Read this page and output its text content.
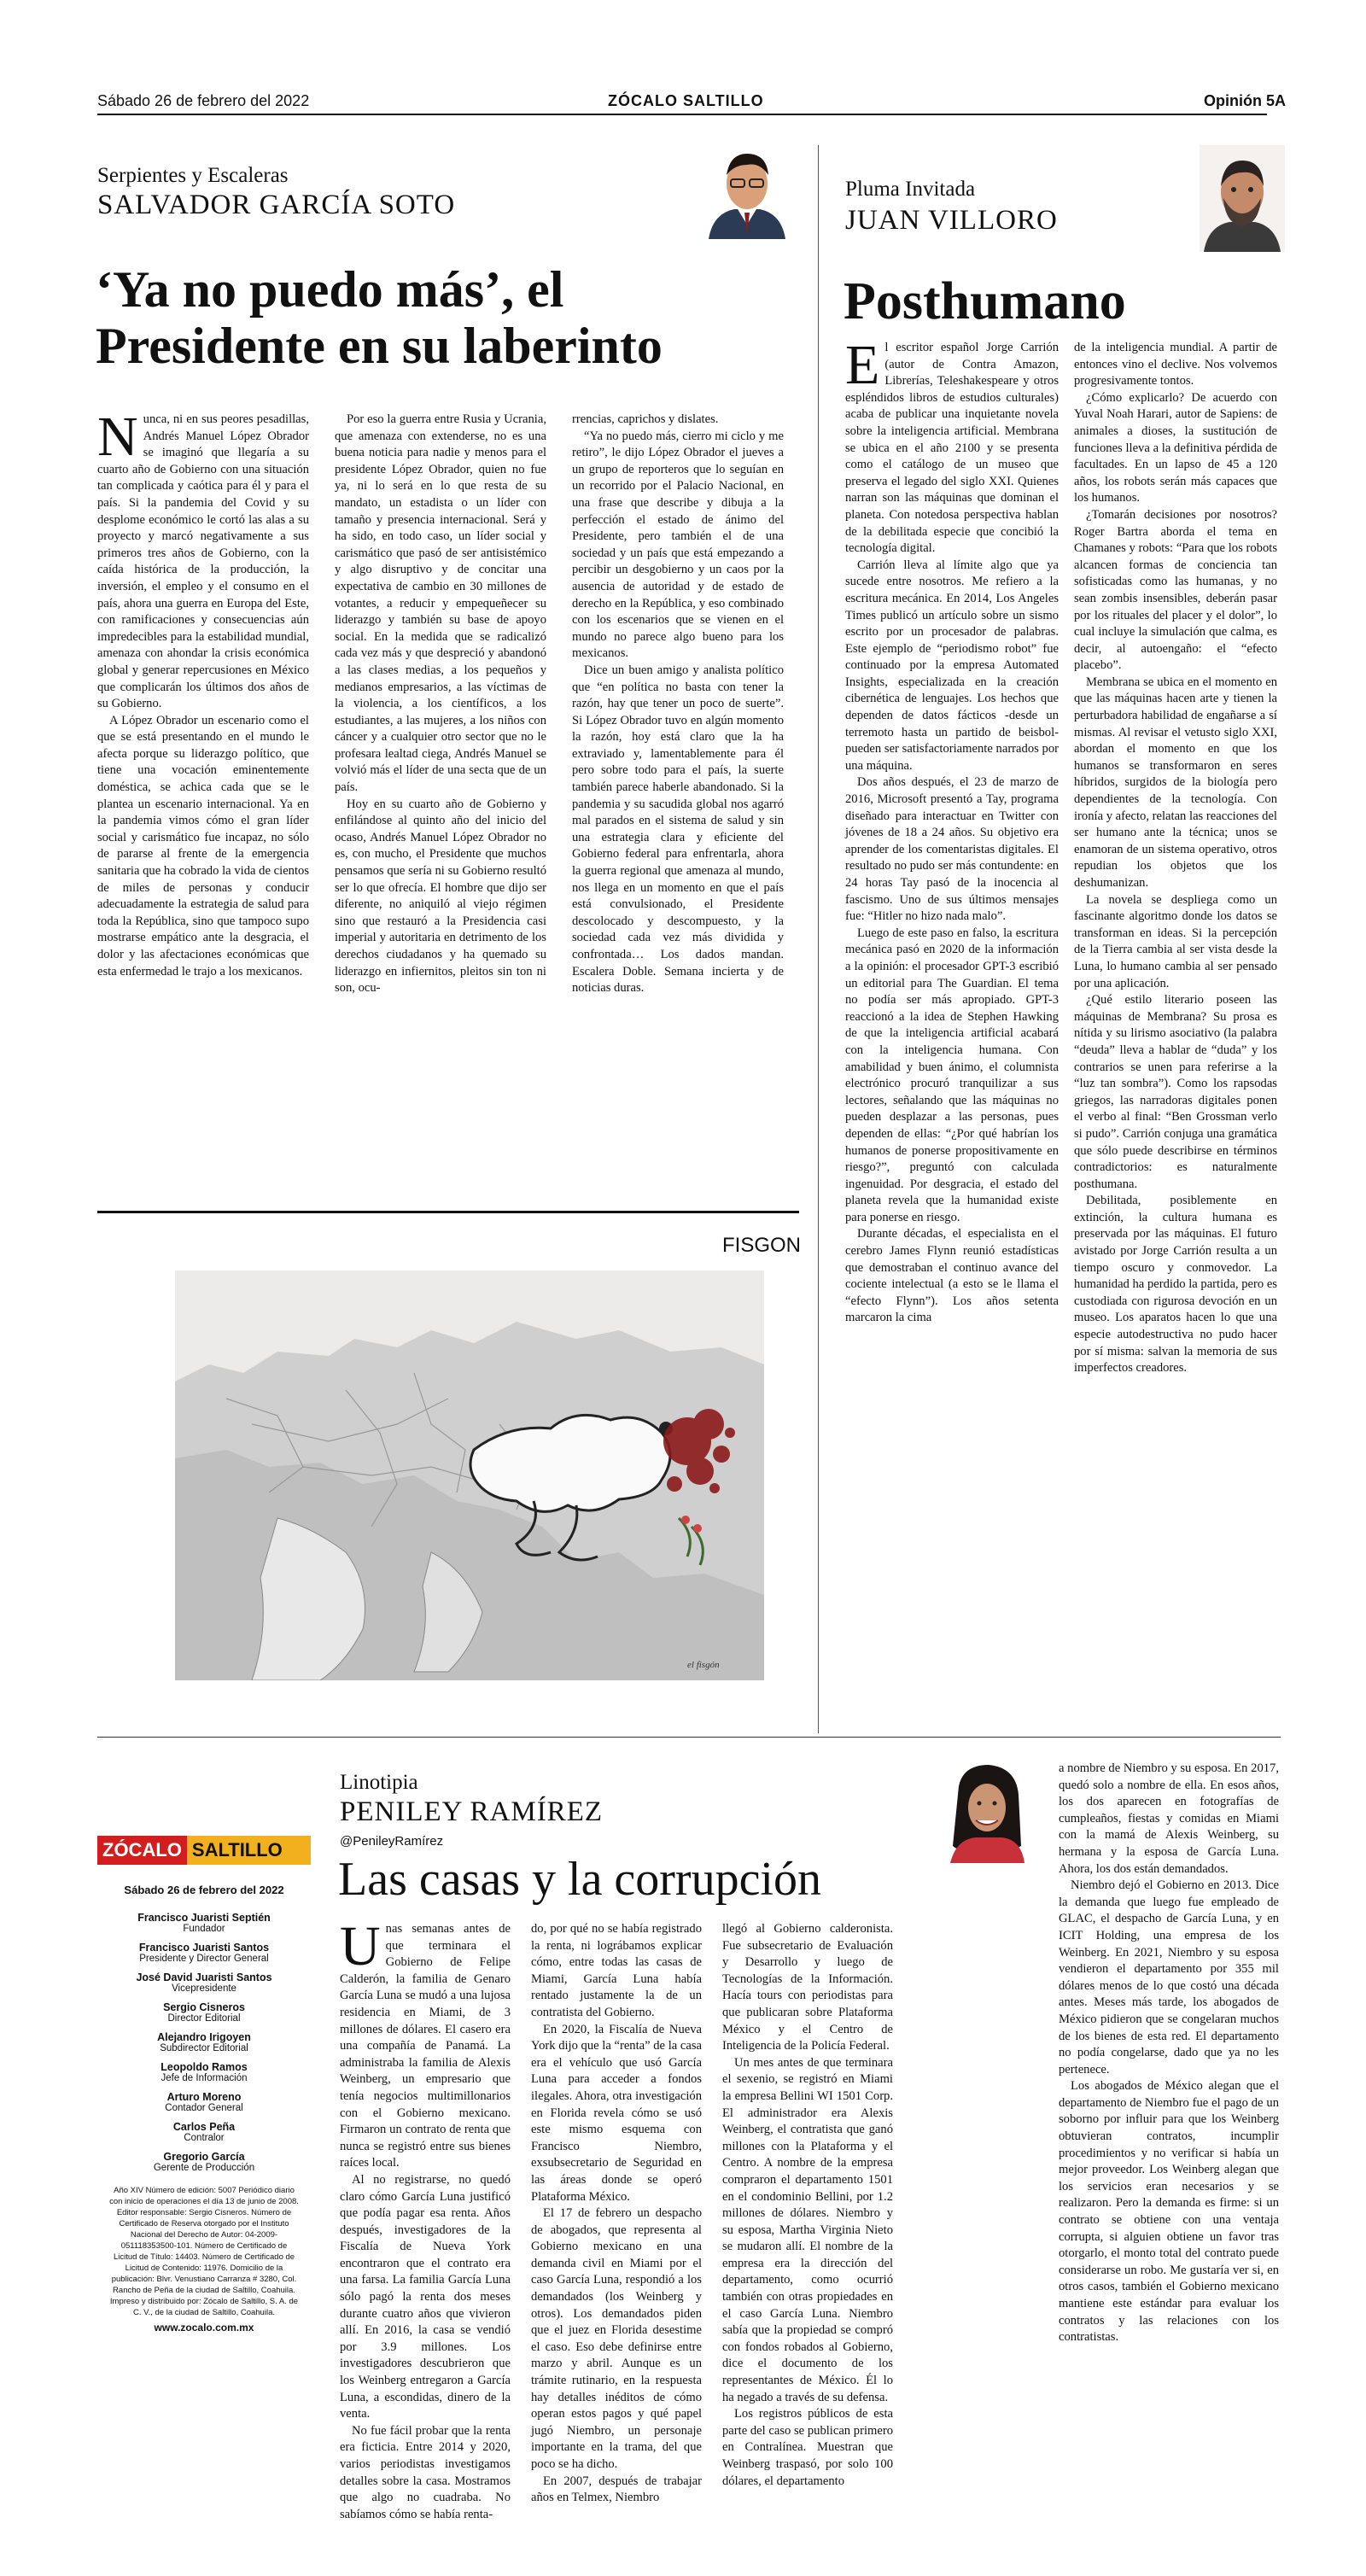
Sábado 26 de febrero del 2022	ZÓCALO SALTILLO	Opinión 5A
Serpientes y Escaleras
SALVADOR GARCÍA SOTO
‘Ya no puedo más’, el
Presidente en su laberinto

Nunca, ni en sus peores pesadillas, Andrés Manuel López Obrador se imaginó que llegaría a su cuarto año de Gobierno con una situación tan complicada y caótica para él y para el país. Si la pandemia del Covid y su desplome económico le cortó las alas a su proyecto y marcó negativamente a sus primeros tres años de Gobierno, con la caída histórica de la producción, la inversión, el empleo y el consumo en el país, ahora una guerra en Europa del Este, con ramificaciones y consecuencias aún impredecibles para la estabilidad mundial, amenaza con ahondar la crisis económica global y generar repercusiones en México que complicarán los últimos dos años de su Gobierno.

A López Obrador un escenario como el que se está presentando en el mundo le afecta porque su liderazgo político, que tiene una vocación eminentemente doméstica, se achica cada que se le plantea un escenario internacional. Ya en la pandemia vimos cómo el gran líder social y carismático fue incapaz, no sólo de pararse al frente de la emergencia sanitaria que ha cobrado la vida de cientos de miles de personas y conducir adecuadamente la estrategia de salud para toda la República, sino que tampoco supo mostrarse empático ante la desgracia, el dolor y las afectaciones económicas que esta enfermedad le trajo a los mexicanos.

Por eso la guerra entre Rusia y Ucrania, que amenaza con extenderse, no es una buena noticia para nadie y menos para el presidente López Obrador, quien no fue ya, ni lo será en lo que resta de su mandato, un estadista o un líder con tamaño y presencia internacional. Será y ha sido, en todo caso, un líder social y carismático que pasó de ser antisistémico y algo disruptivo y de concitar una expectativa de cambio en 30 millones de votantes, a reducir y empequeñecer su liderazgo y también su base de apoyo social. En la medida que se radicalizó cada vez más y que despreció y abandonó a las clases medias, a los pequeños y medianos empresarios, a las víctimas de la violencia, a los científicos, a los estudiantes, a las mujeres, a los niños con cáncer y a cualquier otro sector que no le profesara lealtad ciega, Andrés Manuel se volvió más el líder de una secta que de un país.

Hoy en su cuarto año de Gobierno y enfilándose al quinto año del inicio del ocaso, Andrés Manuel López Obrador no es, con mucho, el Presidente que muchos pensamos que sería ni su Gobierno resultó ser lo que ofrecía. El hombre que dijo ser diferente, no aniquiló al viejo régimen sino que restauró a la Presidencia casi imperial y autoritaria en detrimento de los derechos ciudadanos y ha quemado su liderazgo en infiernitos, pleitos sin ton ni son, ocu-

rrencias, caprichos y dislates.

“Ya no puedo más, cierro mi ciclo y me retiro”, le dijo López Obrador el jueves a un grupo de reporteros que lo seguían en un recorrido por el Palacio Nacional, en una frase que describe y dibuja a la perfección el estado de ánimo del Presidente, pero también el de una sociedad y un país que está empezando a percibir un desgobierno y un caos por la ausencia de autoridad y de estado de derecho en la República, y eso combinado con los escenarios que se vienen en el mundo no parece algo bueno para los mexicanos.

Dice un buen amigo y analista político que “en política no basta con tener la razón, hay que tener un poco de suerte”. Si López Obrador tuvo en algún momento la razón, hoy está claro que la ha extraviado y, lamentablemente para él pero sobre todo para el país, la suerte también parece haberle abandonado. Si la pandemia y su sacudida global nos agarró mal parados en el sistema de salud y sin una estrategia clara y eficiente del Gobierno federal para enfrentarla, ahora la guerra regional que amenaza al mundo, nos llega en un momento en que el país está convulsionado, el Presidente descolocado y descompuesto, y la sociedad cada vez más dividida y confrontada… Los dados mandan. Escalera Doble. Semana incierta y de noticias duras.

FISGON
el fisgón
Pluma Invitada
JUAN VILLORO
Posthumano

El escritor español Jorge Carrión (autor de Contra Amazon, Librerías, Teleshakespeare y otros espléndidos libros de estudios culturales) acaba de publicar una inquietante novela sobre la inteligencia artificial. Membrana se ubica en el año 2100 y se presenta como el catálogo de un museo que preserva el legado del siglo XXI. Quienes narran son las máquinas que dominan el planeta. Con notedosa perspectiva hablan de la debilitada especie que concibió la tecnología digital.

Carrión lleva al límite algo que ya sucede entre nosotros. Me refiero a la escritura mecánica. En 2014, Los Angeles Times publicó un artículo sobre un sismo escrito por un procesador de palabras. Este ejemplo de “periodismo robot” fue continuado por la empresa Automated Insights, especializada en la creación cibernética de lenguajes. Los hechos que dependen de datos fácticos -desde un terremoto hasta un partido de beisbol- pueden ser satisfactoriamente narrados por una máquina.

Dos años después, el 23 de marzo de 2016, Microsoft presentó a Tay, programa diseñado para interactuar en Twitter con jóvenes de 18 a 24 años. Su objetivo era aprender de los comentaristas digitales. El resultado no pudo ser más contundente: en 24 horas Tay pasó de la inocencia al fascismo. Uno de sus últimos mensajes fue: “Hitler no hizo nada malo”.

Luego de este paso en falso, la escritura mecánica pasó en 2020 de la información a la opinión: el procesador GPT-3 escribió un editorial para The Guardian. El tema no podía ser más apropiado. GPT-3 reaccionó a la idea de Stephen Hawking de que la inteligencia artificial acabará con la inteligencia humana. Con amabilidad y buen ánimo, el columnista electrónico procuró tranquilizar a sus lectores, señalando que las máquinas no pueden desplazar a las personas, pues dependen de ellas: “¿Por qué habrían los humanos de ponerse propositivamente en riesgo?”, preguntó con calculada ingenuidad. Por desgracia, el estado del planeta revela que la humanidad existe para ponerse en riesgo.

Durante décadas, el especialista en el cerebro James Flynn reunió estadísticas que demostraban el continuo avance del cociente intelectual (a esto se le llama el “efecto Flynn”). Los años setenta marcaron la cima

de la inteligencia mundial. A partir de entonces vino el declive. Nos volvemos progresivamente tontos.

¿Cómo explicarlo? De acuerdo con Yuval Noah Harari, autor de Sapiens: de animales a dioses, la sustitución de funciones lleva a la definitiva pérdida de facultades. En un lapso de 45 a 120 años, los robots serán más capaces que los humanos.

¿Tomarán decisiones por nosotros? Roger Bartra aborda el tema en Chamanes y robots: “Para que los robots alcancen formas de conciencia tan sofisticadas como las humanas, y no sean zombis insensibles, deberán pasar por los rituales del placer y el dolor”, lo cual incluye la simulación que calma, es decir, al autoengaño: el “efecto placebo”.

Membrana se ubica en el momento en que las máquinas hacen arte y tienen la perturbadora habilidad de engañarse a sí mismas. Al revisar el vetusto siglo XXI, abordan el momento en que los humanos se transformaron en seres híbridos, surgidos de la biología pero dependientes de la tecnología. Con ironía y afecto, relatan las reacciones del ser humano ante la técnica; unos se enamoran de un sistema operativo, otros repudian los objetos que los deshumanizan.

La novela se despliega como un fascinante algoritmo donde los datos se transforman en ideas. Si la percepción de la Tierra cambia al ser vista desde la Luna, lo humano cambia al ser pensado por una aplicación.

¿Qué estilo literario poseen las máquinas de Membrana? Su prosa es nítida y su lirismo asociativo (la palabra “deuda” lleva a hablar de “duda” y los contrarios se unen para referirse a la “luz tan sombra”). Como los rapsodas griegos, las narradoras digitales ponen el verbo al final: “Ben Grossman verlo si pudo”. Carrión conjuga una gramática que sólo puede describirse en términos contradictorios: es naturalmente posthumana.

Debilitada, posiblemente en extinción, la cultura humana es preservada por las máquinas. El futuro avistado por Jorge Carrión resulta a un tiempo oscuro y conmovedor. La humanidad ha perdido la partida, pero es custodiada con rigurosa devoción en un museo. Los aparatos hacen lo que una especie autodestructiva no pudo hacer por sí misma: salvan la memoria de sus imperfectos creadores.

ZÓCALO SALTILLO
Sábado 26 de febrero del 2022
Francisco Juaristi Septién
Fundador
Francisco Juaristi Santos
Presidente y Director General
José David Juaristi Santos
Vicepresidente
Sergio Cisneros
Director Editorial
Alejandro Irigoyen
Subdirector Editorial
Leopoldo Ramos
Jefe de Información
Arturo Moreno
Contador General
Carlos Peña
Contralor
Gregorio García
Gerente de Producción
Año XIV Número de edición: 5007 Periódico diario con inicio de operaciones el día 13 de junio de 2008. Editor responsable: Sergio Cisneros. Número de Certificado de Reserva otorgado por el Instituto Nacional del Derecho de Autor: 04-2009-051118353500-101. Número de Certificado de Licitud de Título: 14403. Número de Certificado de Licitud de Contenido: 11976. Domicilio de la publicación: Blvr. Venustiano Carranza # 3280, Col. Rancho de Peña de la ciudad de Saltillo, Coahuila. Impreso y distribuido por: Zócalo de Saltillo, S. A. de C. V., de la ciudad de Saltillo, Coahuila.
www.zocalo.com.mx
Linotipia
PENILEY RAMÍREZ
@PenileyRamírez
Las casas y la corrupción

Unas semanas antes de que terminara el Gobierno de Felipe Calderón, la familia de Genaro García Luna se mudó a una lujosa residencia en Miami, de 3 millones de dólares. El casero era una compañía de Panamá. La administraba la familia de Alexis Weinberg, un empresario que tenía negocios multimillonarios con el Gobierno mexicano. Firmaron un contrato de renta que nunca se registró entre sus bienes raíces local.

Al no registrarse, no quedó claro cómo García Luna justificó que podía pagar esa renta. Años después, investigadores de la Fiscalía de Nueva York encontraron que el contrato era una farsa. La familia García Luna sólo pagó la renta dos meses durante cuatro años que vivieron allí. En 2016, la casa se vendió por 3.9 millones. Los investigadores descubrieron que los Weinberg entregaron a García Luna, a escondidas, dinero de la venta.

No fue fácil probar que la renta era ficticia. Entre 2014 y 2020, varios periodistas investigamos detalles sobre la casa. Mostramos que algo no cuadraba. No sabíamos cómo se había renta-

do, por qué no se había registrado la renta, ni lográbamos explicar cómo, entre todas las casas de Miami, García Luna había rentado justamente la de un contratista del Gobierno.

En 2020, la Fiscalía de Nueva York dijo que la “renta” de la casa era el vehículo que usó García Luna para acceder a fondos ilegales. Ahora, otra investigación en Florida revela cómo se usó este mismo esquema con Francisco Niembro, exsubsecretario de Seguridad en las áreas donde se operó Plataforma México.

El 17 de febrero un despacho de abogados, que representa al Gobierno mexicano en una demanda civil en Miami por el caso García Luna, respondió a los demandados (los Weinberg y otros). Los demandados piden que el juez en Florida desestime el caso. Eso debe definirse entre marzo y abril. Aunque es un trámite rutinario, en la respuesta hay detalles inéditos de cómo operan estos pagos y qué papel jugó Niembro, un personaje importante en la trama, del que poco se ha dicho.

En 2007, después de trabajar años en Telmex, Niembro

llegó al Gobierno calderonista. Fue subsecretario de Evaluación y Desarrollo y luego de Tecnologías de la Información. Hacía tours con periodistas para que publicaran sobre Plataforma México y el Centro de Inteligencia de la Policía Federal.

Un mes antes de que terminara el sexenio, se registró en Miami la empresa Bellini WI 1501 Corp. El administrador era Alexis Weinberg, el contratista que ganó millones con la Plataforma y el Centro. A nombre de la empresa compraron el departamento 1501 en el condominio Bellini, por 1.2 millones de dólares. Niembro y su esposa, Martha Virginia Nieto se mudaron allí. El nombre de la empresa era la dirección del departamento, como ocurrió también con otras propiedades en el caso García Luna. Niembro sabía que la propiedad se compró con fondos robados al Gobierno, dice el documento de los representantes de México. Él lo ha negado a través de su defensa.

Los registros públicos de esta parte del caso se publican primero en Contralínea. Muestran que Weinberg traspasó, por solo 100 dólares, el departamento

a nombre de Niembro y su esposa. En 2017, quedó solo a nombre de ella. En esos años, los dos aparecen en fotografías de cumpleaños, fiestas y comidas en Miami con la mamá de Alexis Weinberg, su hermana y la esposa de García Luna. Ahora, los dos están demandados.

Niembro dejó el Gobierno en 2013. Dice la demanda que luego fue empleado de GLAC, el despacho de García Luna, y en ICIT Holding, una empresa de los Weinberg. En 2021, Niembro y su esposa vendieron el departamento por 355 mil dólares menos de lo que costó una década antes. Meses más tarde, los abogados de México pidieron que se congelaran muchos de los bienes de esta red. El departamento no podía congelarse, dado que ya no les pertenece.

Los abogados de México alegan que el departamento de Niembro fue el pago de un soborno por influir para que los Weinberg obtuvieran contratos, incumplir procedimientos y no verificar si había un mejor proveedor. Los Weinberg alegan que los servicios eran necesarios y se realizaron. Pero la demanda es firme: si un contrato se obtiene con una ventaja corrupta, si alguien obtiene un favor tras otorgarlo, el monto total del contrato puede considerarse un robo. Me gustaría ver si, en otros casos, también el Gobierno mexicano mantiene este estándar para evaluar los contratos y las relaciones con los contratistas.
